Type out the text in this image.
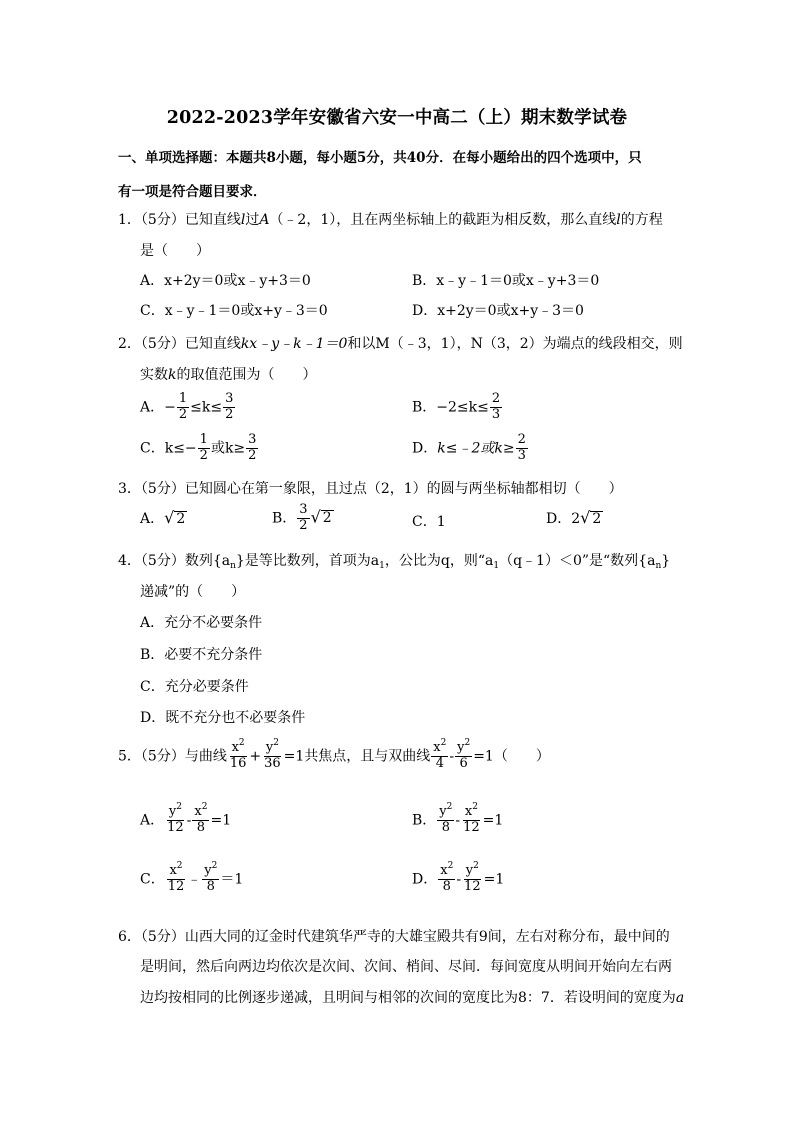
2022-2023学年安徽省六安一中高二（上）期末数学试卷
一、单项选择题：本题共8小题，每小题5分，共40分．在每小题给出的四个选项中，只
有一项是符合题目要求．
1．（5分）已知直线l过A（﹣2，1），且在两坐标轴上的截距为相反数，那么直线l的方程
是（　　）
A．x+2y＝0或x﹣y+3＝0	B．x﹣y﹣1＝0或x﹣y+3＝0
C．x﹣y﹣1＝0或x+y﹣3＝0	D．x+2y＝0或x+y﹣3＝0
2．（5分）已知直线kx﹣y﹣k﹣1＝0和以M（﹣3，1），N（3，2）为端点的线段相交，则
实数k的取值范围为（　　）
A．− $\frac{1}{2} \le k\le \frac{3}{2}$	B．$-2\le k\le \frac{2}{3}$
C．$k\le- \frac{1}{2}$ 或$k\ge \frac{3}{2}$	D．k≤﹣2或$k\ge \frac{2}{3}$
3．（5分）已知圆心在第一象限，且过点（2，1）的圆与两坐标轴都相切（　　）
A．√ 2	B． $\frac{3}{2}$ √ 2	C．1	D．2√ 2
4．（5分）数列$\{a_n\}$是等比数列，首项为$a_1$，公比为q，则“$a_1(q﹣1)<0$”是“数列$\{a_n\}$
递减”的（　　）
A．充分不必要条件
B．必要不充分条件
C．充分必要条件
D．既不充分也不必要条件
5．（5分）与曲线 $\frac{x^2}{16} + \frac{y^2}{36} =1$共焦点，且与双曲线 $\frac{x^2}{4} - \frac{y^2}{6} =1$（　　）
A． $\frac{y^2}{12} - \frac{x^2}{8} =1$	B． $\frac{y^2}{8} - \frac{x^2}{12} =1$
C． $\frac{x^2}{12}$ ﹣ $\frac{y^2}{8} =1$	D． $\frac{x^2}{8} - \frac{y^2}{12} =1$
6．（5分）山西大同的辽金时代建筑华严寺的大雄宝殿共有9间，左右对称分布，最中间的
是明间，然后向两边均依次是次间、次间、梢间、尽间．每间宽度从明间开始向左右两
边均按相同的比例逐步递减，且明间与相邻的次间的宽度比为8：7．若设明间的宽度为a
